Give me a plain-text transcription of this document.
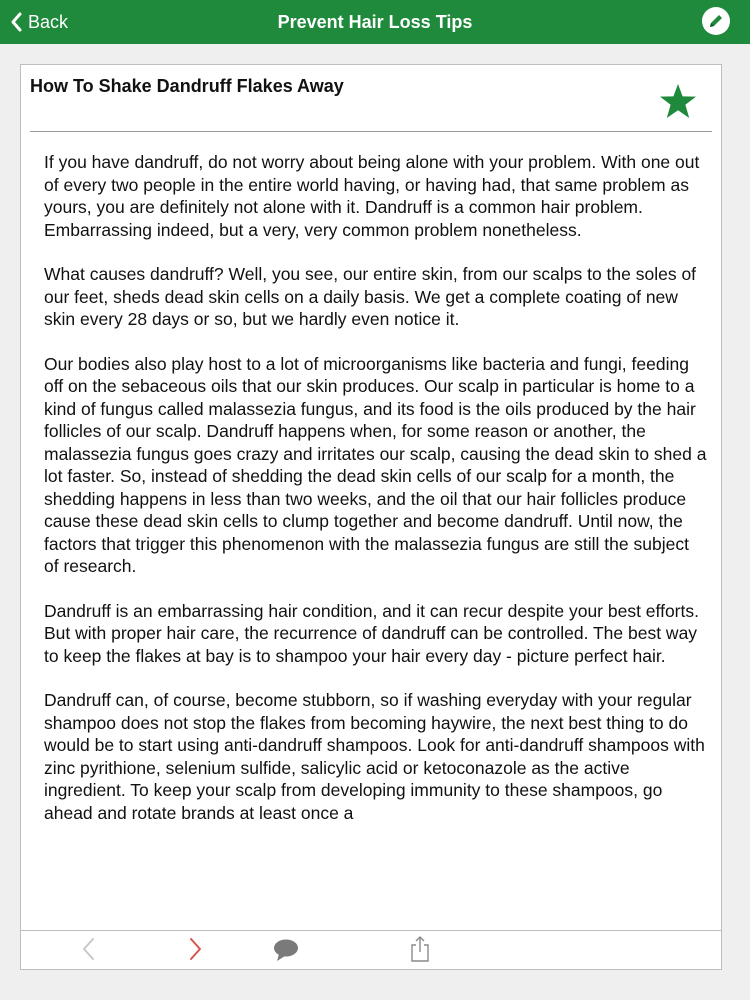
Back	Prevent Hair Loss Tips
How To Shake Dandruff Flakes Away

If you have dandruff, do not worry about being alone with your problem. With one out of every two people in the entire world having, or having had, that same problem as yours, you are definitely not alone with it. Dandruff is a common hair problem. Embarrassing indeed, but a very, very common problem nonetheless.

What causes dandruff? Well, you see, our entire skin, from our scalps to the soles of our feet, sheds dead skin cells on a daily basis. We get a complete coating of new skin every 28 days or so, but we hardly even notice it.

Our bodies also play host to a lot of microorganisms like bacteria and fungi, feeding off on the sebaceous oils that our skin produces. Our scalp in particular is home to a kind of fungus called malassezia fungus, and its food is the oils produced by the hair follicles of our scalp. Dandruff happens when, for some reason or another, the malassezia fungus goes crazy and irritates our scalp, causing the dead skin to shed a lot faster. So, instead of shedding the dead skin cells of our scalp for a month, the shedding happens in less than two weeks, and the oil that our hair follicles produce cause these dead skin cells to clump together and become dandruff. Until now, the factors that trigger this phenomenon with the malassezia fungus are still the subject of research.

Dandruff is an embarrassing hair condition, and it can recur despite your best efforts. But with proper hair care, the recurrence of dandruff can be controlled. The best way to keep the flakes at bay is to shampoo your hair every day - picture perfect hair.

Dandruff can, of course, become stubborn, so if washing everyday with your regular shampoo does not stop the flakes from becoming haywire, the next best thing to do would be to start using anti-dandruff shampoos. Look for anti-dandruff shampoos with zinc pyrithione, selenium sulfide, salicylic acid or ketoconazole as the active ingredient. To keep your scalp from developing immunity to these shampoos, go ahead and rotate brands at least once a
